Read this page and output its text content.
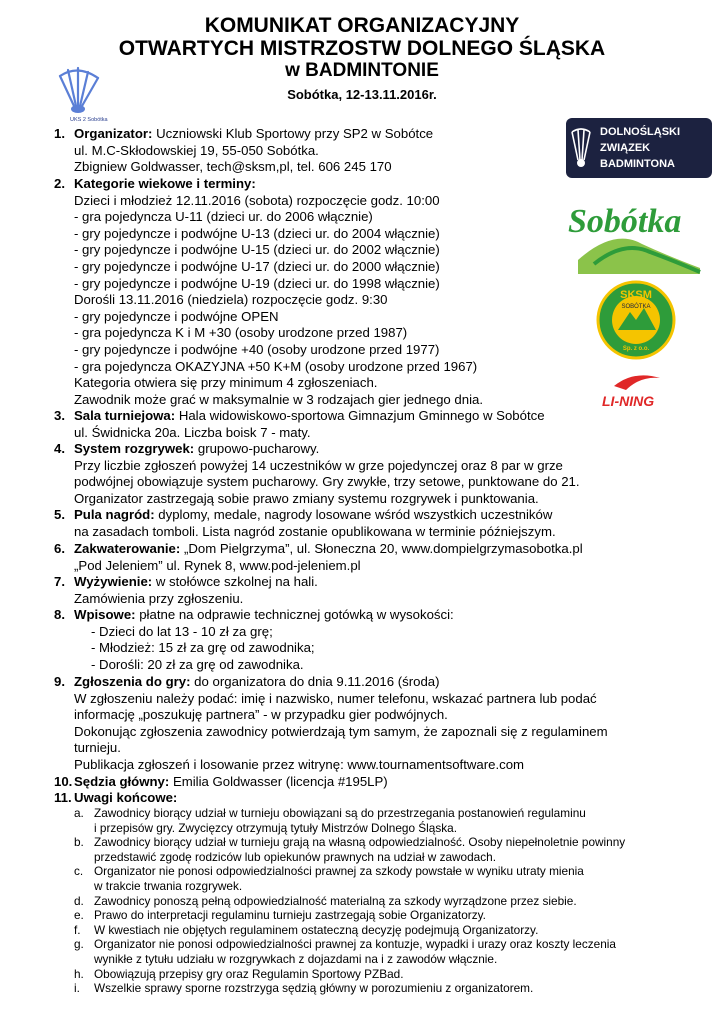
KOMUNIKAT ORGANIZACYJNY
OTWARTYCH MISTRZOSTW DOLNEGO ŚLĄSKA
w BADMINTONIE
Sobótka, 12-13.11.2016r.
UKS 2 Sobótka
DOLNOŚLĄSKI
ZWIĄZEK
BADMINTONA
Sobótka
SKSM
SOBÓTKA
Sp. z o.o.
LI-NING
1. Organizator: Uczniowski Klub Sportowy przy SP2 w Sobótce
ul. M.C-Skłodowskiej 19, 55-050 Sobótka.
Zbigniew Goldwasser, tech@sksm,pl, tel. 606 245 170
2. Kategorie wiekowe i terminy:
Dzieci i młodzież 12.11.2016 (sobota) rozpoczęcie godz. 10:00
- gra pojedyncza U-11 (dzieci ur. do 2006 włącznie)
- gry pojedyncze i podwójne U-13 (dzieci ur. do 2004 włącznie)
- gry pojedyncze i podwójne U-15 (dzieci ur. do 2002 włącznie)
- gry pojedyncze i podwójne U-17 (dzieci ur. do 2000 włącznie)
- gry pojedyncze i podwójne U-19 (dzieci ur. do 1998 włącznie)
Dorośli 13.11.2016 (niedziela) rozpoczęcie godz. 9:30
- gry pojedyncze i podwójne OPEN
- gra pojedyncza K i M +30 (osoby urodzone przed 1987)
- gry pojedyncze i podwójne +40 (osoby urodzone przed 1977)
- gra pojedyncza OKAZYJNA +50 K+M (osoby urodzone przed 1967)
Kategoria otwiera się przy minimum 4 zgłoszeniach.
Zawodnik może grać w maksymalnie w 3 rodzajach gier jednego dnia.
3. Sala turniejowa: Hala widowiskowo-sportowa Gimnazjum Gminnego w Sobótce
ul. Świdnicka 20a. Liczba boisk 7 - maty.
4. System rozgrywek: grupowo-pucharowy.
Przy liczbie zgłoszeń powyżej 14 uczestników w grze pojedynczej oraz 8 par w grze
podwójnej obowiązuje system pucharowy. Gry zwykłe, trzy setowe, punktowane do 21.
Organizator zastrzegają sobie prawo zmiany systemu rozgrywek i punktowania.
5. Pula nagród: dyplomy, medale, nagrody losowane wśród wszystkich uczestników
na zasadach tomboli. Lista nagród zostanie opublikowana w terminie późniejszym.
6. Zakwaterowanie: „Dom Pielgrzyma”, ul. Słoneczna 20, www.dompielgrzymasobotka.pl
„Pod Jeleniem” ul. Rynek 8, www.pod-jeleniem.pl
7. Wyżywienie: w stołówce szkolnej na hali.
Zamówienia przy zgłoszeniu.
8. Wpisowe: płatne na odprawie technicznej gotówką w wysokości:
- Dzieci do lat 13 - 10 zł za grę;
- Młodzież: 15 zł za grę od zawodnika;
- Dorośli: 20 zł za grę od zawodnika.
9. Zgłoszenia do gry: do organizatora do dnia 9.11.2016 (środa)
W zgłoszeniu należy podać: imię i nazwisko, numer telefonu, wskazać partnera lub podać
informację „poszukuję partnera” - w przypadku gier podwójnych.
Dokonując zgłoszenia zawodnicy potwierdzają tym samym, że zapoznali się z regulaminem
turnieju.
Publikacja zgłoszeń i losowanie przez witrynę: www.tournamentsoftware.com
10. Sędzia główny: Emilia Goldwasser (licencja #195LP)
11. Uwagi końcowe:
a. Zawodnicy biorący udział w turnieju obowiązani są do przestrzegania postanowień regulaminu
i przepisów gry. Zwycięzcy otrzymują tytuły Mistrzów Dolnego Śląska.
b. Zawodnicy biorący udział w turnieju grają na własną odpowiedzialność. Osoby niepełnoletnie powinny
przedstawić zgodę rodziców lub opiekunów prawnych na udział w zawodach.
c. Organizator nie ponosi odpowiedzialności prawnej za szkody powstałe w wyniku utraty mienia
w trakcie trwania rozgrywek.
d. Zawodnicy ponoszą pełną odpowiedzialność materialną za szkody wyrządzone przez siebie.
e. Prawo do interpretacji regulaminu turnieju zastrzegają sobie Organizatorzy.
f. W kwestiach nie objętych regulaminem ostateczną decyzję podejmują Organizatorzy.
g. Organizator nie ponosi odpowiedzialności prawnej za kontuzje, wypadki i urazy oraz koszty leczenia
wynikłe z tytułu udziału w rozgrywkach z dojazdami na i z zawodów włącznie.
h. Obowiązują przepisy gry oraz Regulamin Sportowy PZBad.
i. Wszelkie sprawy sporne rozstrzyga sędzią główny w porozumieniu z organizatorem.
